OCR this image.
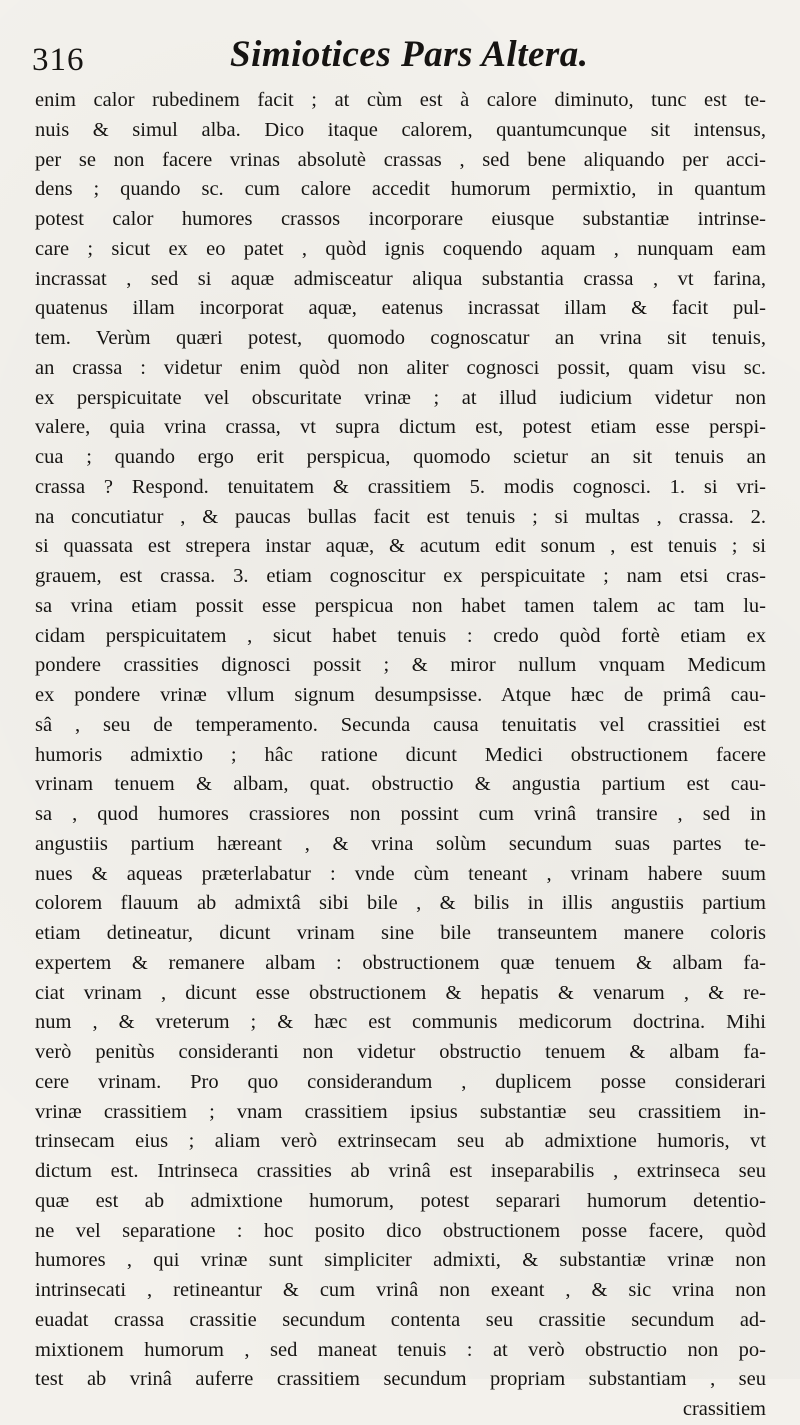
316	Simiotices Pars Altera.
enim calor rubedinem facit ; at cùm est à calore diminuto, tunc est te-
nuis & simul alba. Dico itaque calorem, quantumcunque sit intensus,
per se non facere vrinas absolutè crassas , sed bene aliquando per acci-
dens ; quando sc. cum calore accedit humorum permixtio, in quantum
potest calor humores crassos incorporare eiusque substantiæ intrinse-
care ; sicut ex eo patet , quòd ignis coquendo aquam , nunquam eam
incrassat , sed si aquæ admisceatur aliqua substantia crassa , vt farina,
quatenus illam incorporat aquæ, eatenus incrassat illam & facit pul-
tem. Verùm quæri potest, quomodo cognoscatur an vrina sit tenuis,
an crassa : videtur enim quòd non aliter cognosci possit, quam visu sc.
ex perspicuitate vel obscuritate vrinæ ; at illud iudicium videtur non
valere, quia vrina crassa, vt supra dictum est, potest etiam esse perspi-
cua ; quando ergo erit perspicua, quomodo scietur an sit tenuis an
crassa ? Respond. tenuitatem & crassitiem 5. modis cognosci. 1. si vri-
na concutiatur , & paucas bullas facit est tenuis ; si multas , crassa. 2.
si quassata est strepera instar aquæ, & acutum edit sonum , est tenuis ; si
grauem, est crassa. 3. etiam cognoscitur ex perspicuitate ; nam etsi cras-
sa vrina etiam possit esse perspicua non habet tamen talem ac tam lu-
cidam perspicuitatem , sicut habet tenuis : credo quòd fortè etiam ex
pondere crassities dignosci possit ; & miror nullum vnquam Medicum
ex pondere vrinæ vllum signum desumpsisse. Atque hæc de primâ cau-
sâ , seu de temperamento. Secunda causa tenuitatis vel crassitiei est
humoris admixtio ; hâc ratione dicunt Medici obstructionem facere
vrinam tenuem & albam, quat. obstructio & angustia partium est cau-
sa , quod humores crassiores non possint cum vrinâ transire , sed in
angustiis partium hæreant , & vrina solùm secundum suas partes te-
nues & aqueas præterlabatur : vnde cùm teneant , vrinam habere suum
colorem flauum ab admixtâ sibi bile , & bilis in illis angustiis partium
etiam detineatur, dicunt vrinam sine bile transeuntem manere coloris
expertem & remanere albam : obstructionem quæ tenuem & albam fa-
ciat vrinam , dicunt esse obstructionem & hepatis & venarum , & re-
num , & vreterum ; & hæc est communis medicorum doctrina. Mihi
verò penitùs consideranti non videtur obstructio tenuem & albam fa-
cere vrinam. Pro quo considerandum , duplicem posse considerari
vrinæ crassitiem ; vnam crassitiem ipsius substantiæ seu crassitiem in-
trinsecam eius ; aliam verò extrinsecam seu ab admixtione humoris, vt
dictum est. Intrinseca crassities ab vrinâ est inseparabilis , extrinseca seu
quæ est ab admixtione humorum, potest separari humorum detentio-
ne vel separatione : hoc posito dico obstructionem posse facere, quòd
humores , qui vrinæ sunt simpliciter admixti, & substantiæ vrinæ non
intrinsecati , retineantur & cum vrinâ non exeant , & sic vrina non
euadat crassa crassitie secundum contenta seu crassitie secundum ad-
mixtionem humorum , sed maneat tenuis : at verò obstructio non po-
test ab vrinâ auferre crassitiem secundum propriam substantiam , seu
crassitiem
